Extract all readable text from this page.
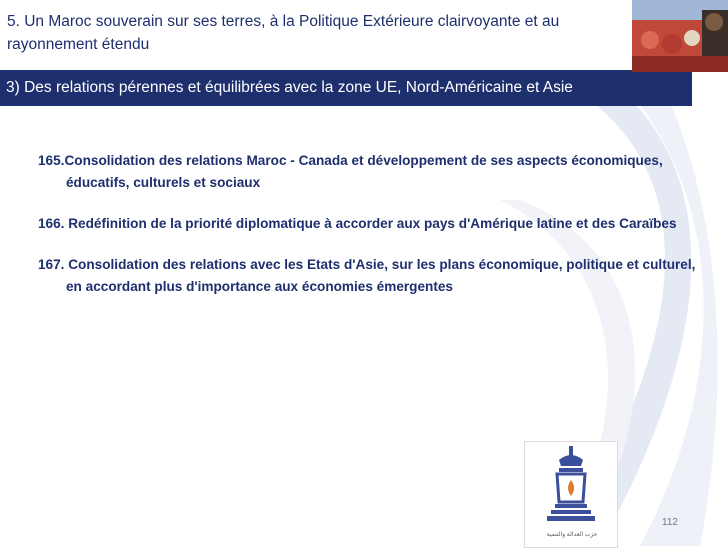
5. Un Maroc souverain sur ses terres, à la Politique Extérieure clairvoyante et au rayonnement étendu
3) Des relations pérennes et équilibrées avec la zone UE, Nord-Américaine et Asie

165.Consolidation des relations Maroc - Canada et développement de ses aspects économiques, éducatifs, culturels et sociaux

166. Redéfinition de la priorité diplomatique à accorder aux pays d'Amérique latine et des Caraïbes

167. Consolidation des relations avec les Etats d'Asie, sur les plans économique, politique et culturel, en accordant plus d'importance aux économies émergentes

حزب العدالة والتنمية
112
